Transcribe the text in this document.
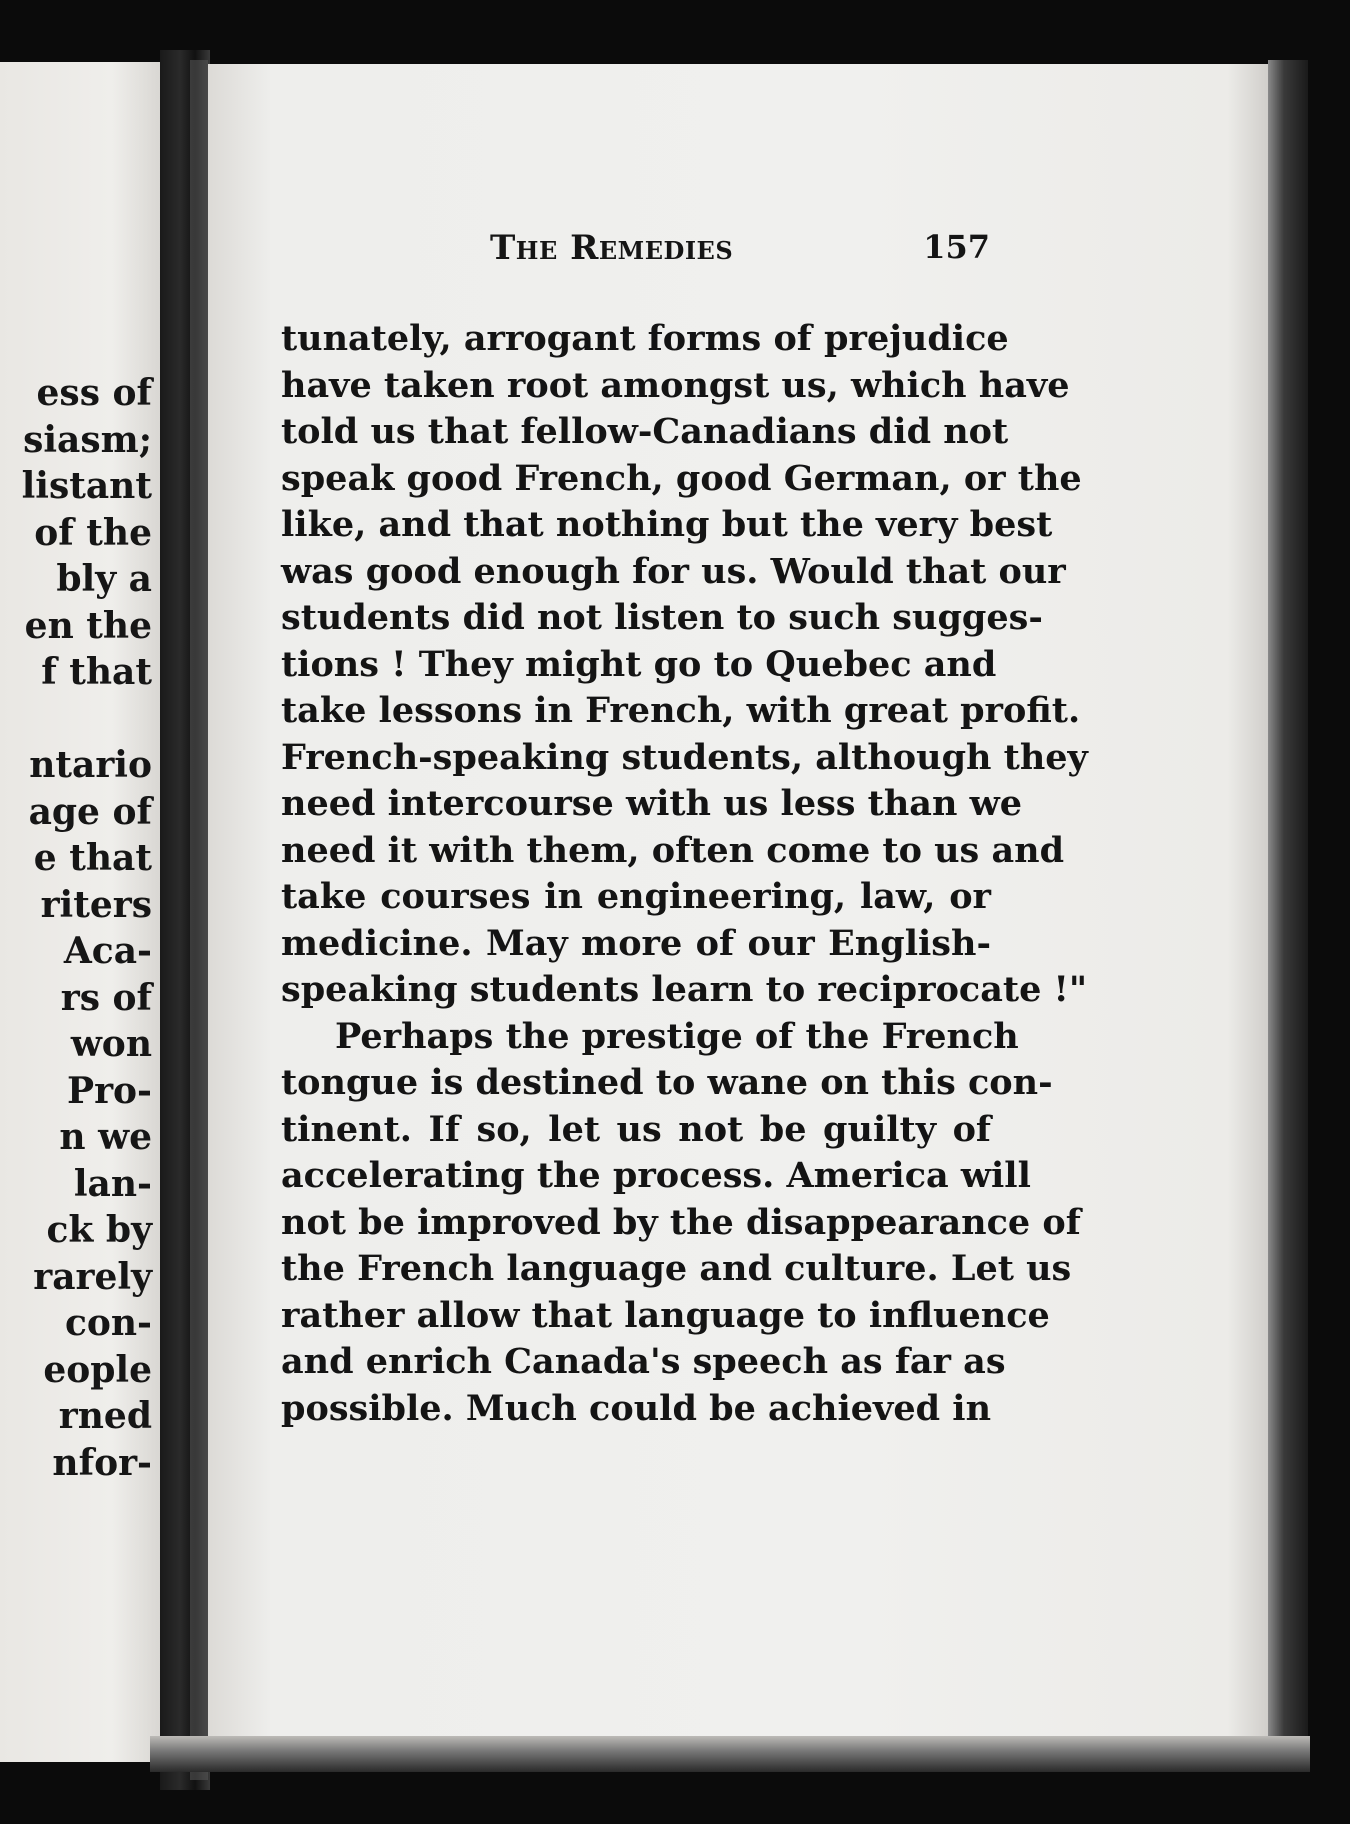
ess of
siasm;
listant
of the
bly a
en the
f that
ntario
age of
e that
riters
Aca-
rs of
won
Pro-
n we
lan-
ck by
rarely
con-
eople
rned
nfor-
The Remedies	157
tunately, arrogant forms of prejudice
have taken root amongst us, which have
told us that fellow-Canadians did not
speak good French, good German, or the
like, and that nothing but the very best
was good enough for us. Would that our
students did not listen to such sugges-
tions ! They might go to Quebec and
take lessons in French, with great profit.
French-speaking students, although they
need intercourse with us less than we
need it with them, often come to us and
take courses in engineering, law, or
medicine. May more of our English-
speaking students learn to reciprocate !"
Perhaps the prestige of the French
tongue is destined to wane on this con-
tinent. If so, let us not be guilty of
accelerating the process. America will
not be improved by the disappearance of
the French language and culture. Let us
rather allow that language to influence
and enrich Canada's speech as far as
possible. Much could be achieved in
